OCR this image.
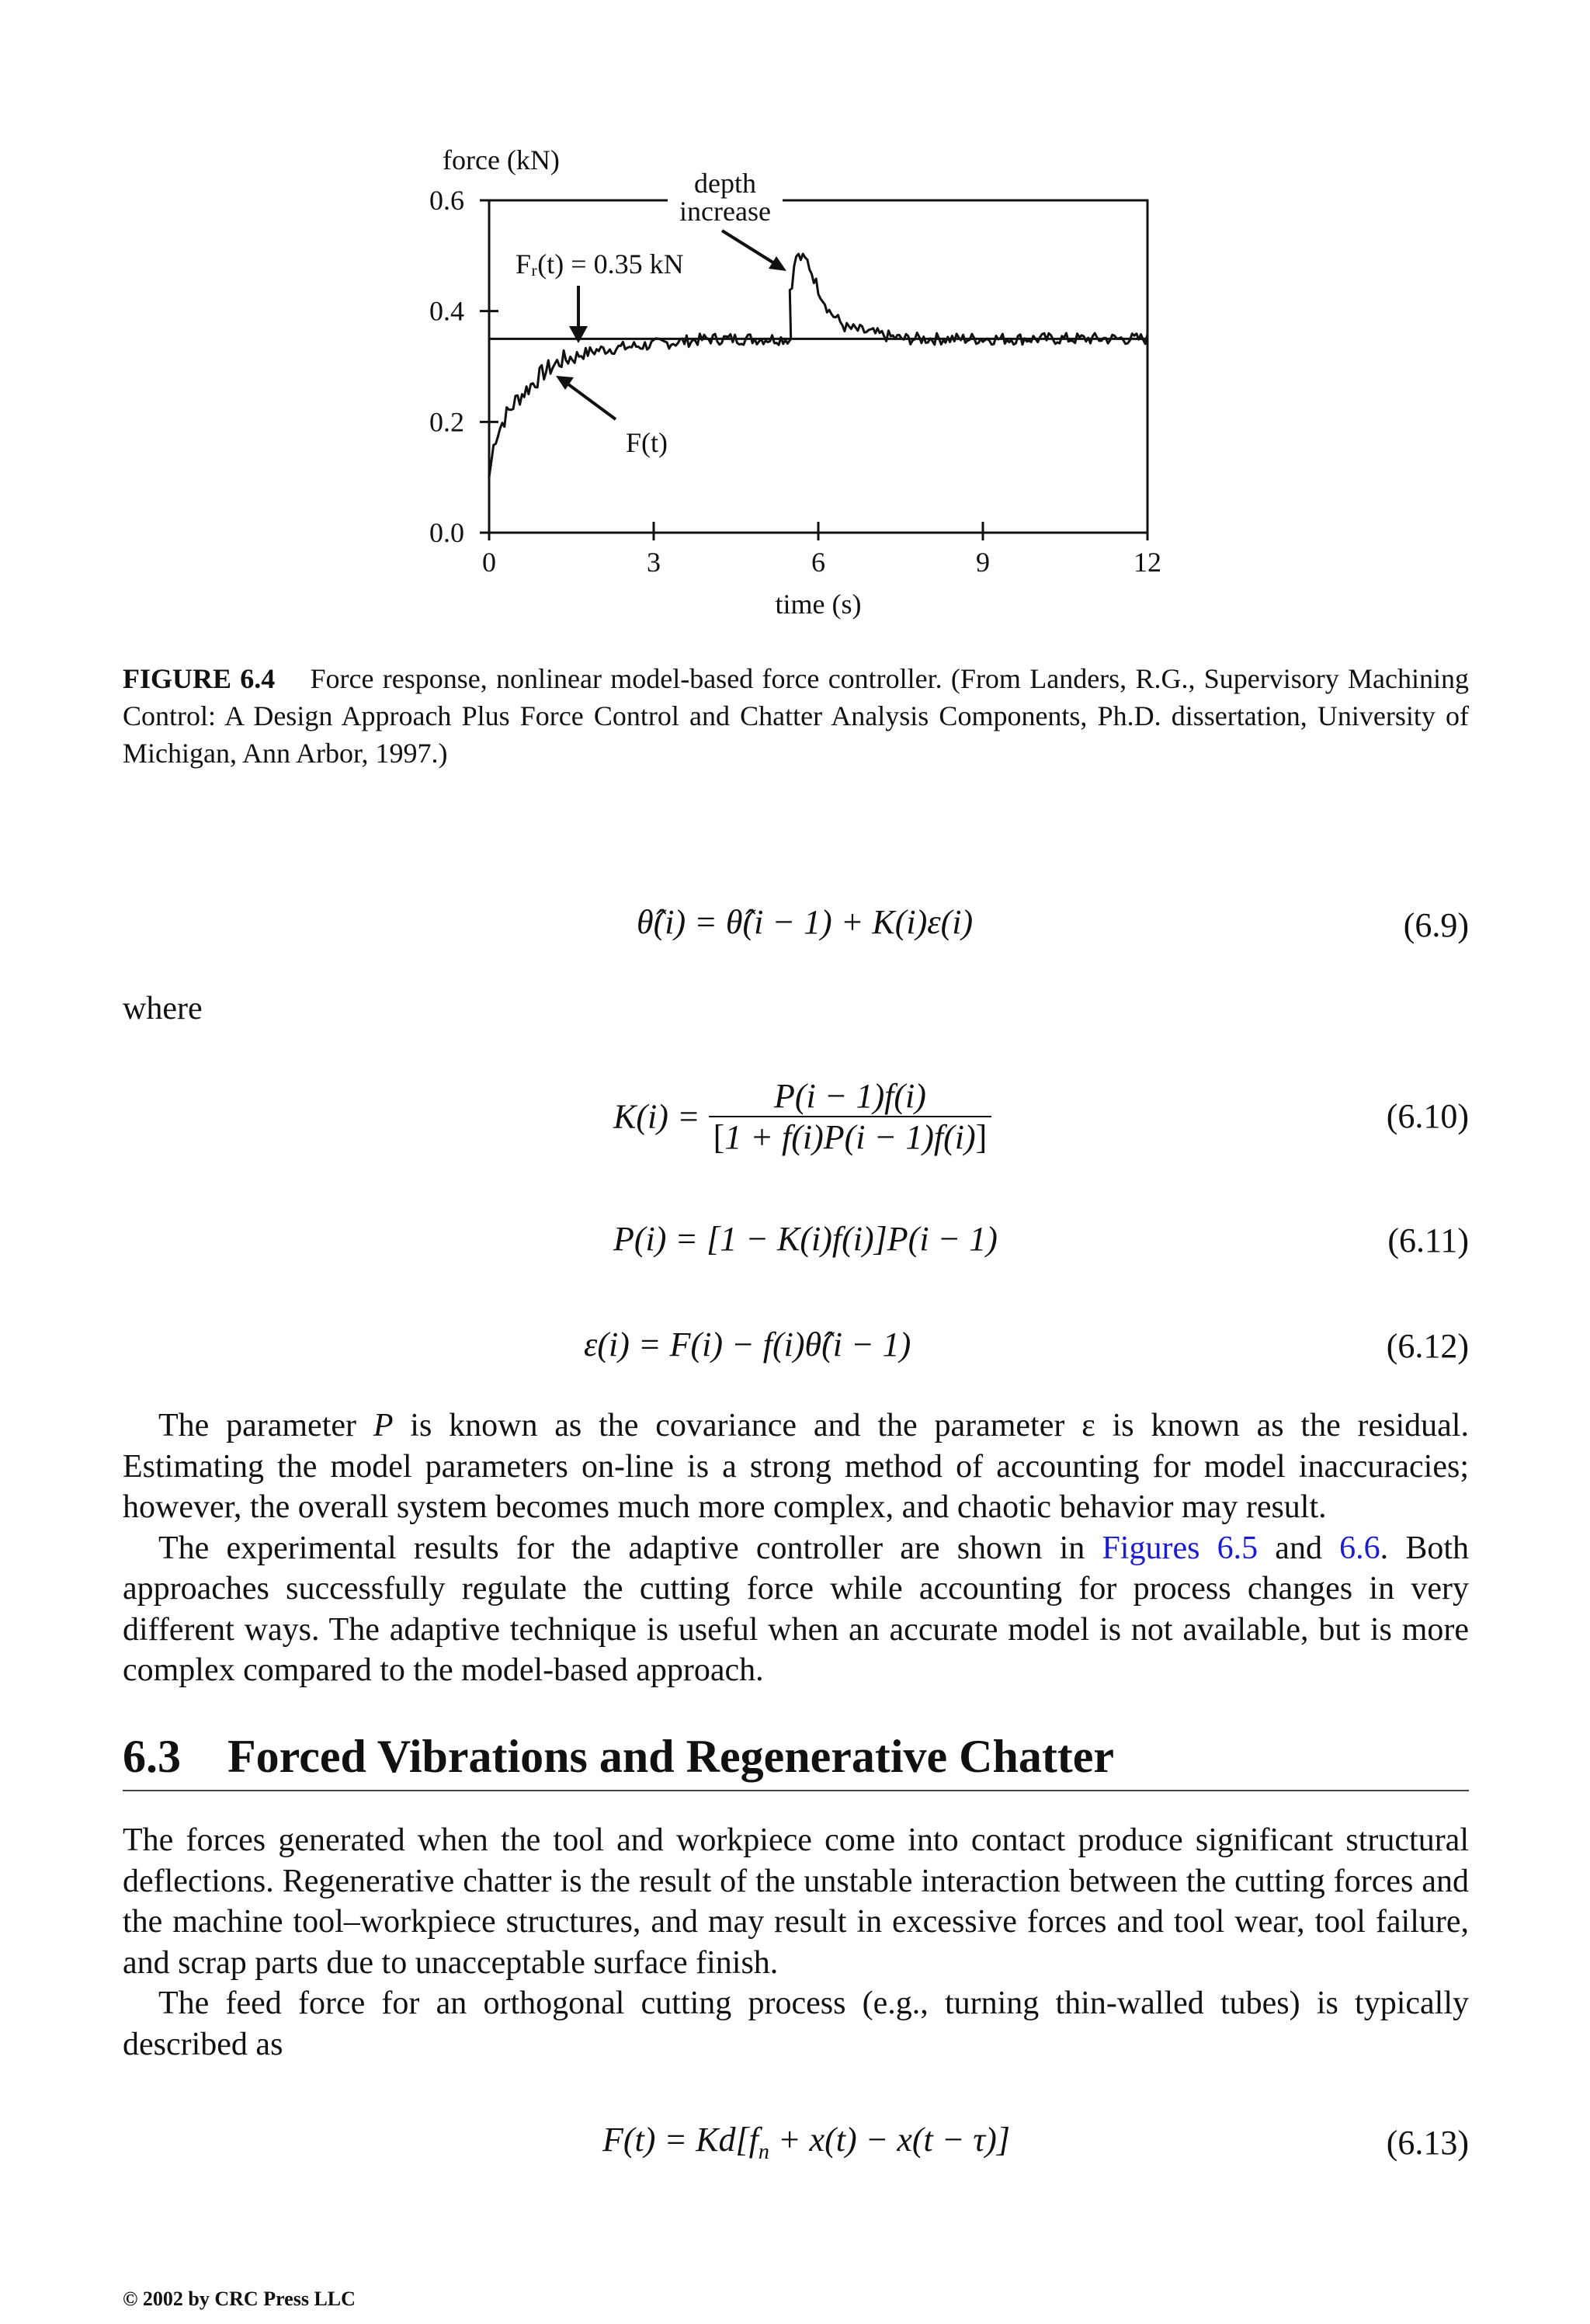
0.0
0.2
0.4
0.6
0	3	6	9	12
force (kN)
time (s)
Fᵣ(t) = 0.35 kN
depth
increase
F(t)
FIGURE 6.4 Force response, nonlinear model-based force controller. (From Landers, R.G., Supervisory Machining Control: A Design Approach Plus Force Control and Chatter Analysis Components, Ph.D. dissertation, University of Michigan, Ann Arbor, 1997.)
θ̂(i) = θ̂(i − 1) + K(i)ε(i)	(6.9)
where
$K(i) = \frac{P(i - 1)f(i)}{[1 + f(i)P(i - 1)f(i)]}$	(6.10)
P(i) = [1 − K(i)f(i)]P(i − 1)	(6.11)
ε(i) = F(i) − f(i)θ̂(i − 1)	(6.12)

The parameter P is known as the covariance and the parameter ε is known as the residual. Estimating the model parameters on-line is a strong method of accounting for model inaccuracies; however, the overall system becomes much more complex, and chaotic behavior may result.

The experimental results for the adaptive controller are shown in Figures 6.5 and 6.6. Both approaches successfully regulate the cutting force while accounting for process changes in very different ways. The adaptive technique is useful when an accurate model is not available, but is more complex compared to the model-based approach.

6.3 Forced Vibrations and Regenerative Chatter

The forces generated when the tool and workpiece come into contact produce significant structural deflections. Regenerative chatter is the result of the unstable interaction between the cutting forces and the machine tool–workpiece structures, and may result in excessive forces and tool wear, tool failure, and scrap parts due to unacceptable surface finish.

The feed force for an orthogonal cutting process (e.g., turning thin-walled tubes) is typically described as

$F(t) = Kd[f_n + x(t) - x(t - \tau)]$	(6.13)
© 2002 by CRC Press LLC
